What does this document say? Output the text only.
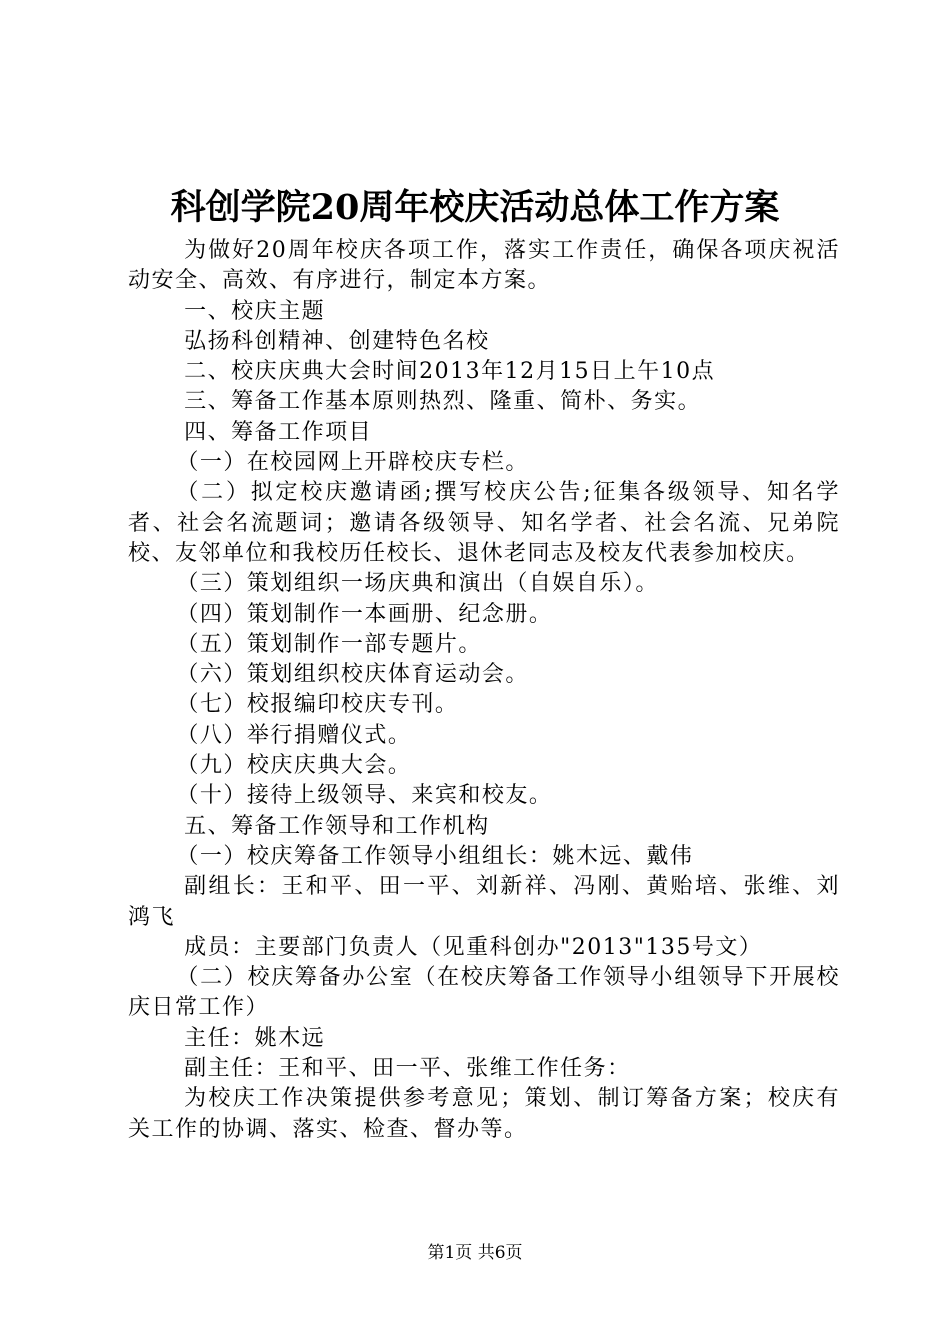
科创学院20周年校庆活动总体工作方案

为做好20周年校庆各项工作，落实工作责任，确保各项庆祝活动安全、高效、有序进行，制定本方案。

一、校庆主题

弘扬科创精神、创建特色名校

二、校庆庆典大会时间2013年12月15日上午10点

三、筹备工作基本原则热烈、隆重、简朴、务实。

四、筹备工作项目

（一）在校园网上开辟校庆专栏。

（二）拟定校庆邀请函;撰写校庆公告;征集各级领导、知名学者、社会名流题词；邀请各级领导、知名学者、社会名流、兄弟院校、友邻单位和我校历任校长、退休老同志及校友代表参加校庆。

（三）策划组织一场庆典和演出（自娱自乐）。

（四）策划制作一本画册、纪念册。

（五）策划制作一部专题片。

（六）策划组织校庆体育运动会。

（七）校报编印校庆专刊。

（八）举行捐赠仪式。

（九）校庆庆典大会。

（十）接待上级领导、来宾和校友。

五、筹备工作领导和工作机构

（一）校庆筹备工作领导小组组长：姚木远、戴伟

副组长：王和平、田一平、刘新祥、冯刚、黄贻培、张维、刘鸿飞

成员：主要部门负责人（见重科创办"2013"135号文）

（二）校庆筹备办公室（在校庆筹备工作领导小组领导下开展校庆日常工作）

主任：姚木远

副主任：王和平、田一平、张维工作任务：

为校庆工作决策提供参考意见；策划、制订筹备方案；校庆有关工作的协调、落实、检查、督办等。

第1页 共6页
